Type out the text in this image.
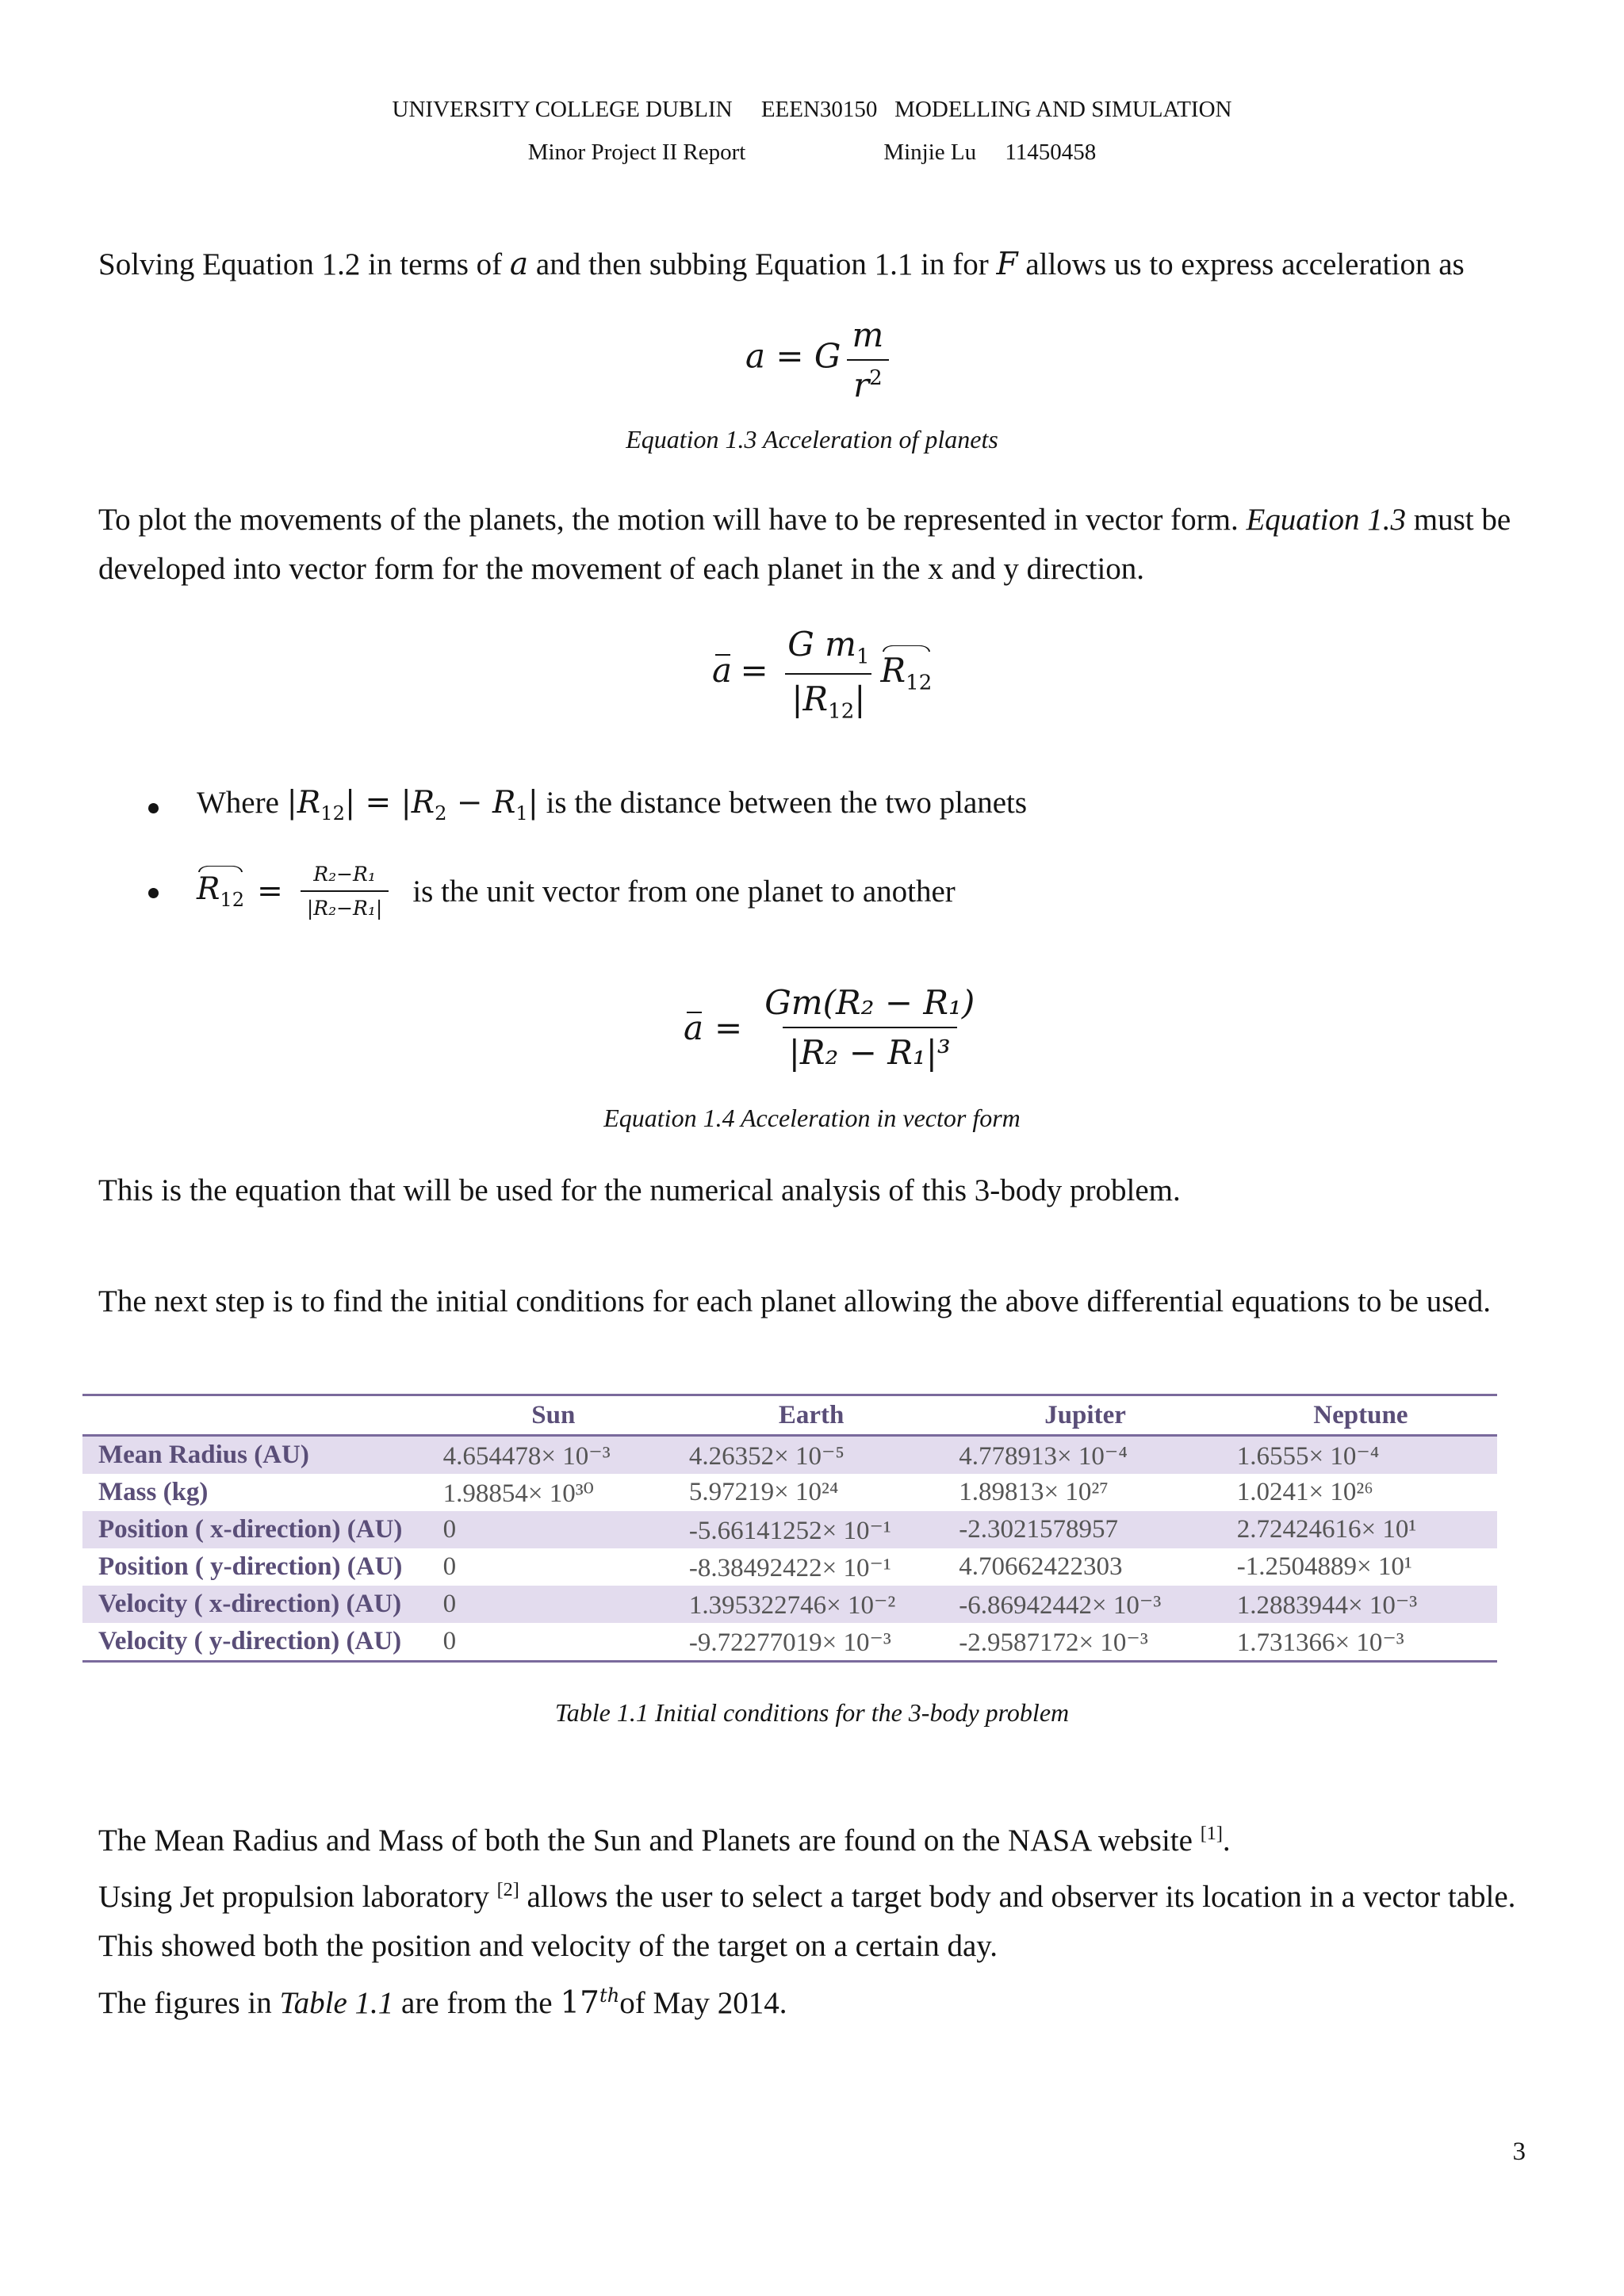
UNIVERSITY COLLEGE DUBLIN     EEEN30150   MODELLING AND SIMULATION
Minor Project II Report                        Minjie Lu     11450458
Solving Equation 1.2 in terms of a and then subbing Equation 1.1 in for F allows us to express acceleration as
a = G $\frac{m}{r^2}$
Equation 1.3 Acceleration of planets
To plot the movements of the planets, the motion will have to be represented in vector form. Equation 1.3 must be developed into vector form for the movement of each planet in the x and y direction.
$a = \frac{G m_1}{|R_{12}|} R_{12}$
Where $|R_{12}| = |R_2 - R_1|$ is the distance between the two planets
$R_{12} = \frac{\text{R₂−R₁}}{\text{|R₂−R₁|}}$ is the unit vector from one planet to another
$a = \frac{\text{Gm(R₂ − R₁)}}{\text{|R₂ − R₁|³}}$
Equation 1.4 Acceleration in vector form
This is the equation that will be used for the numerical analysis of this 3-body problem.
The next step is to find the initial conditions for each planet allowing the above differential equations to be used.
	Sun	Earth	Jupiter	Neptune
Mean Radius (AU)	4.654478× 10⁻³	4.26352× 10⁻⁵	4.778913× 10⁻⁴	1.6555× 10⁻⁴
Mass (kg)	1.98854× 10³⁰	5.97219× 10²⁴	1.89813× 10²⁷	1.0241× 10²⁶
Position ( x-direction) (AU)	0	-5.66141252× 10⁻¹	-2.3021578957	2.72424616× 10¹
Position ( y-direction) (AU)	0	-8.38492422× 10⁻¹	4.70662422303	-1.2504889× 10¹
Velocity ( x-direction) (AU)	0	1.395322746× 10⁻²	-6.86942442× 10⁻³	1.2883944× 10⁻³
Velocity ( y-direction) (AU)	0	-9.72277019× 10⁻³	-2.9587172× 10⁻³	1.731366× 10⁻³
Table 1.1 Initial conditions for the 3-body problem
The Mean Radius and Mass of both the Sun and Planets are found on the NASA website [1].
Using Jet propulsion laboratory [2] allows the user to select a target body and observer its location in a vector table. This showed both the position and velocity of the target on a certain day.
The figures in Table 1.1 are from the 17thof May 2014.
3
